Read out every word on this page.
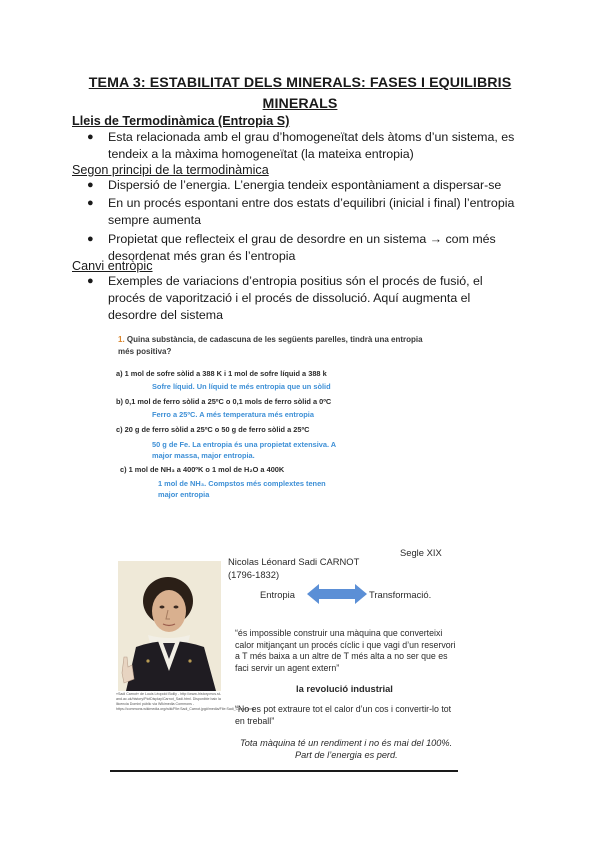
TEMA 3: ESTABILITAT DELS MINERALS: FASES I EQUILIBRIS MINERALS
Lleis de Termodinàmica (Entropia S)
● Esta relacionada amb el grau d’homogeneïtat dels àtoms d’un sistema, es tendeix a la màxima homogeneïtat (la mateixa entropia)
Segon principi de la termodinàmica
● Dispersió de l’energia. L’energia tendeix espontàniament a dispersar-se
● En un procés espontani entre dos estats d’equilibri (inicial i final) l’entropia sempre aumenta
● Propietat que reflecteix el grau de desordre en un sistema → com més desordenat més gran és l’entropia
Canvi entròpic
● Exemples de variacions d’entropia positius són el procés de fusió, el procés de vaporització i el procés de dissolució. Aquí augmenta el desordre del sistema
1. Quina substància, de cadascuna de les següents parelles, tindrà una entropia més positiva?
a) 1 mol de sofre sòlid a 388 K i 1 mol de sofre líquid a 388 k
Sofre líquid. Un líquid te més entropia que un sòlid
b) 0,1 mol de ferro sòlid a 25ºC o 0,1 mols de ferro sòlid a 0ºC
Ferro a 25ºC. A més temperatura més entropia
c) 20 g de ferro sòlid a 25ºC o 50 g de ferro sòlid a 25ºC
50 g de Fe. La entropia és una propietat extensiva. A
major massa, major entropia.
c) 1 mol de NH₃ a 400ºK o 1 mol de H₂O a 400K
1 mol de NH₃. Compstos més complextes tenen
major entropia
«Sadi Carnot» de Louis Léopold Boilly - http://www-history.mcs.st-and.ac.uk/history/PictDisplay/Carnot_Sadi.html. Disponible baix la llicencia Domini públic via Wikimedia Commons - https://commons.wikimedia.org/wiki/File:Sadi_Carnot.jpg#/media/File:Sadi_Carnot.jpeg
Nicolas Léonard Sadi CARNOT
(1796-1832)
Segle XIX
Entropia	Transformació.
“és impossible construir una màquina que converteixi calor mitjançant un procés cíclic i que vagi d’un reservori a T més baixa a un altre de T més alta a no ser que es faci servir un agent extern”
la revolució industrial
“No es pot extraure tot el calor d’un cos i convertir-lo tot en treball”
Tota màquina té un rendiment i no és mai del 100%.
Part de l’energia es perd.
